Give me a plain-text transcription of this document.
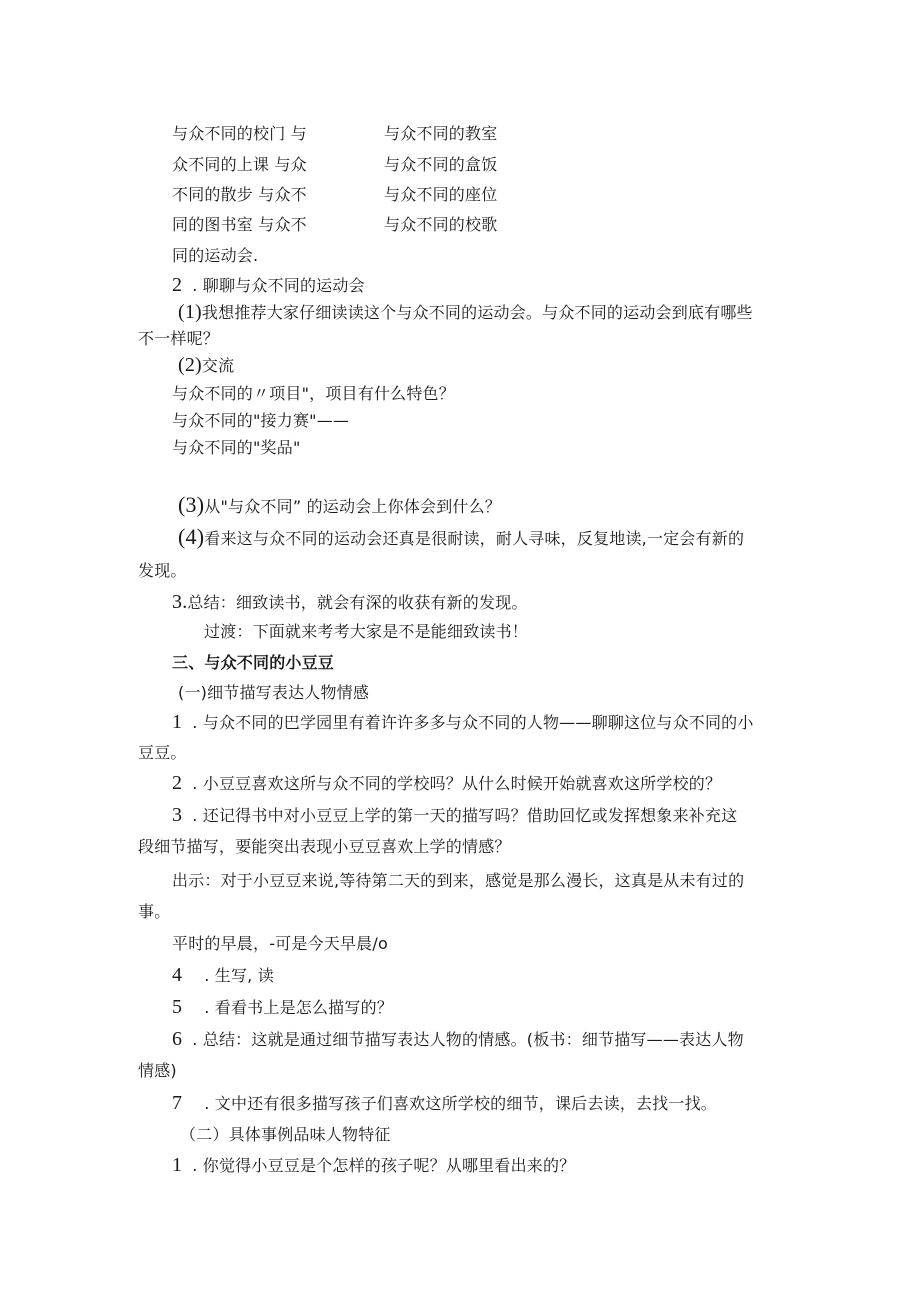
与众不同的校门 与
众不同的上课 与众
不同的散步 与众不
同的图书室 与众不
同的运动会.
与众不同的教室
与众不同的盒饭
与众不同的座位
与众不同的校歌
2 . 聊聊与众不同的运动会
(1)我想推荐大家仔细读读这个与众不同的运动会。与众不同的运动会到底有哪些
不一样呢？
(2)交流
与众不同的〃项目"，项目有什么特色？
与众不同的"接力赛"——
与众不同的"奖品"
(3)从"与众不同” 的运动会上你体会到什么？
(4)看来这与众不同的运动会还真是很耐读，耐人寻味，反复地读,一定会有新的
发现。
3.总结：细致读书，就会有深的收获有新的发现。
过渡：下面就来考考大家是不是能细致读书！
三、与众不同的小豆豆
(一)细节描写表达人物情感
1 . 与众不同的巴学园里有着许许多多与众不同的人物——聊聊这位与众不同的小
豆豆。
2 . 小豆豆喜欢这所与众不同的学校吗？从什么时候开始就喜欢这所学校的？
3 . 还记得书中对小豆豆上学的第一天的描写吗？借助回忆或发挥想象来补充这
段细节描写，要能突出表现小豆豆喜欢上学的情感？
出示：对于小豆豆来说,等待第二天的到来，感觉是那么漫长，这真是从未有过的
事。
平时的早晨，-可是今天早晨/o
4 . 生写, 读
5 . 看看书上是怎么描写的？
6 . 总结：这就是通过细节描写表达人物的情感。(板书：细节描写——表达人物
情感)
7 . 文中还有很多描写孩子们喜欢这所学校的细节，课后去读，去找一找。
（二）具体事例品味人物特征
1 . 你觉得小豆豆是个怎样的孩子呢？从哪里看出来的？
